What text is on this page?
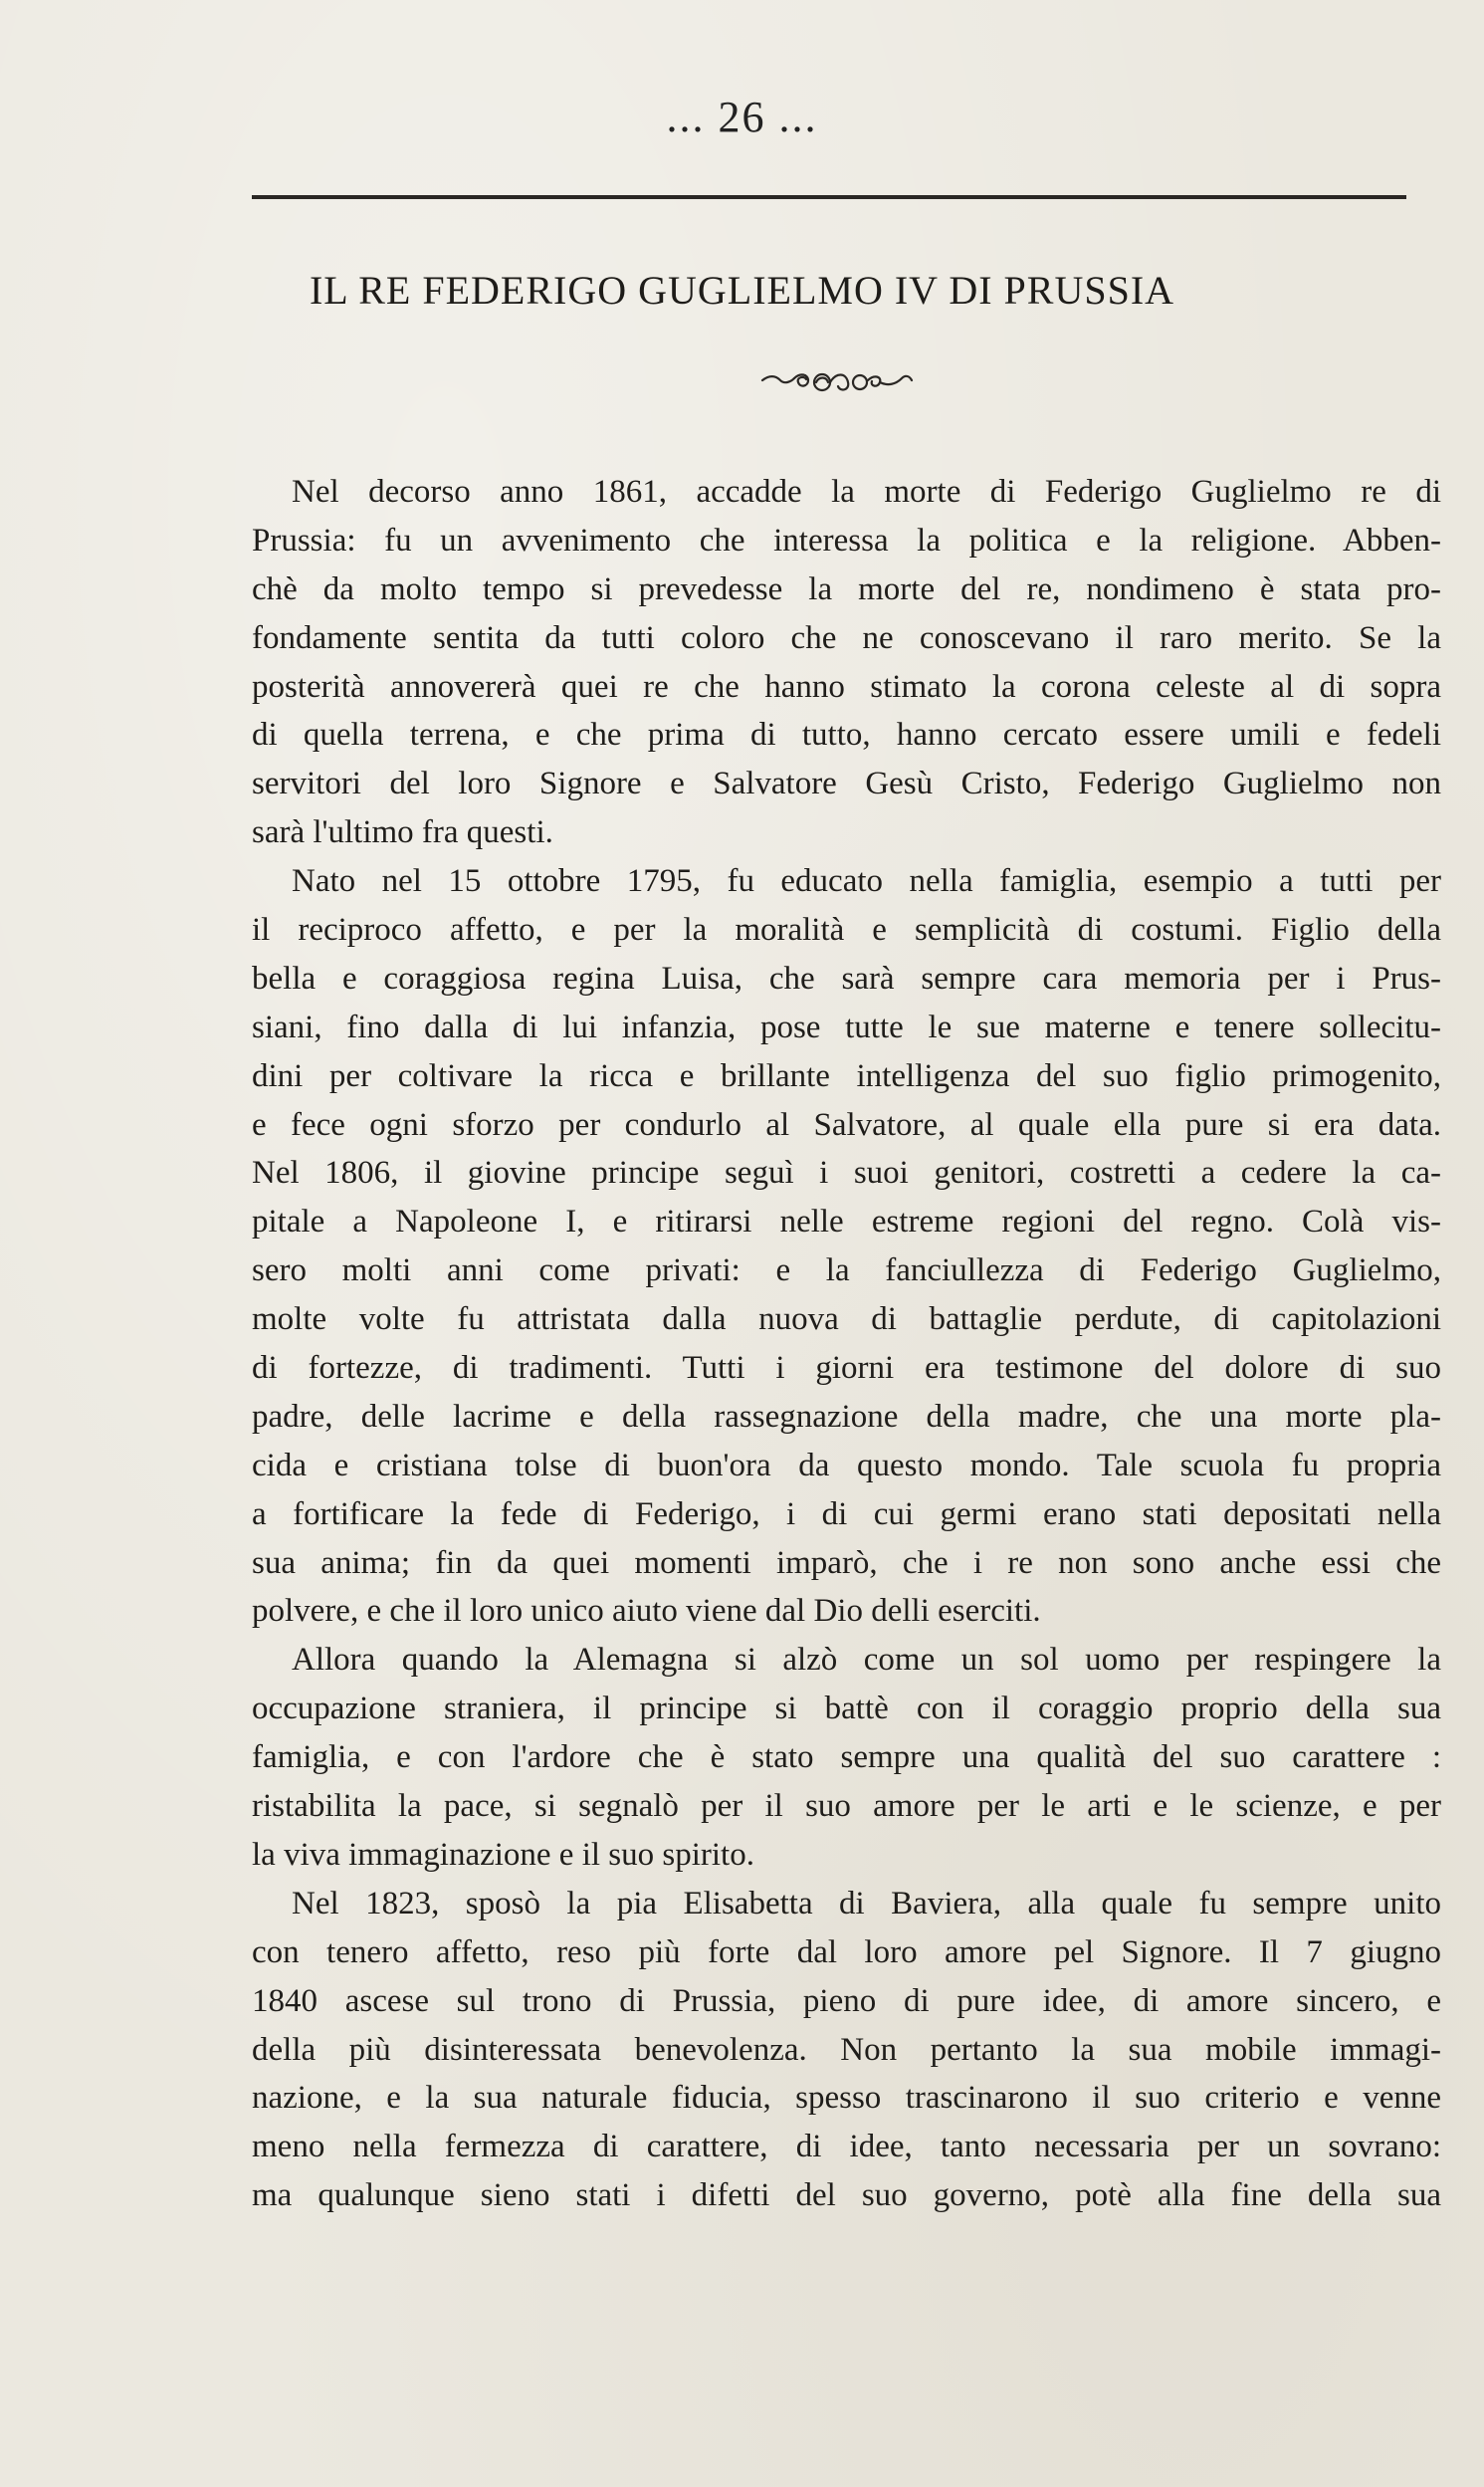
... 26 ...
IL RE FEDERIGO GUGLIELMO IV DI PRUSSIA
Nel decorso anno 1861, accadde la morte di Federigo Guglielmo re di
Prussia: fu un avvenimento che interessa la politica e la religione. Abben-
chè da molto tempo si prevedesse la morte del re, nondimeno è stata pro-
fondamente sentita da tutti coloro che ne conoscevano il raro merito. Se la
posterità annovererà quei re che hanno stimato la corona celeste al di sopra
di quella terrena, e che prima di tutto, hanno cercato essere umili e fedeli
servitori del loro Signore e Salvatore Gesù Cristo, Federigo Guglielmo non
sarà l'ultimo fra questi.
Nato nel 15 ottobre 1795, fu educato nella famiglia, esempio a tutti per
il reciproco affetto, e per la moralità e semplicità di costumi. Figlio della
bella e coraggiosa regina Luisa, che sarà sempre cara memoria per i Prus-
siani, fino dalla di lui infanzia, pose tutte le sue materne e tenere sollecitu-
dini per coltivare la ricca e brillante intelligenza del suo figlio primogenito,
e fece ogni sforzo per condurlo al Salvatore, al quale ella pure si era data.
Nel 1806, il giovine principe seguì i suoi genitori, costretti a cedere la ca-
pitale a Napoleone I, e ritirarsi nelle estreme regioni del regno. Colà vis-
sero molti anni come privati: e la fanciullezza di Federigo Guglielmo,
molte volte fu attristata dalla nuova di battaglie perdute, di capitolazioni
di fortezze, di tradimenti. Tutti i giorni era testimone del dolore di suo
padre, delle lacrime e della rassegnazione della madre, che una morte pla-
cida e cristiana tolse di buon'ora da questo mondo. Tale scuola fu propria
a fortificare la fede di Federigo, i di cui germi erano stati depositati nella
sua anima; fin da quei momenti imparò, che i re non sono anche essi che
polvere, e che il loro unico aiuto viene dal Dio delli eserciti.
Allora quando la Alemagna si alzò come un sol uomo per respingere la
occupazione straniera, il principe si battè con il coraggio proprio della sua
famiglia, e con l'ardore che è stato sempre una qualità del suo carattere :
ristabilita la pace, si segnalò per il suo amore per le arti e le scienze, e per
la viva immaginazione e il suo spirito.
Nel 1823, sposò la pia Elisabetta di Baviera, alla quale fu sempre unito
con tenero affetto, reso più forte dal loro amore pel Signore. Il 7 giugno
1840 ascese sul trono di Prussia, pieno di pure idee, di amore sincero, e
della più disinteressata benevolenza. Non pertanto la sua mobile immagi-
nazione, e la sua naturale fiducia, spesso trascinarono il suo criterio e venne
meno nella fermezza di carattere, di idee, tanto necessaria per un sovrano:
ma qualunque sieno stati i difetti del suo governo, potè alla fine della sua
